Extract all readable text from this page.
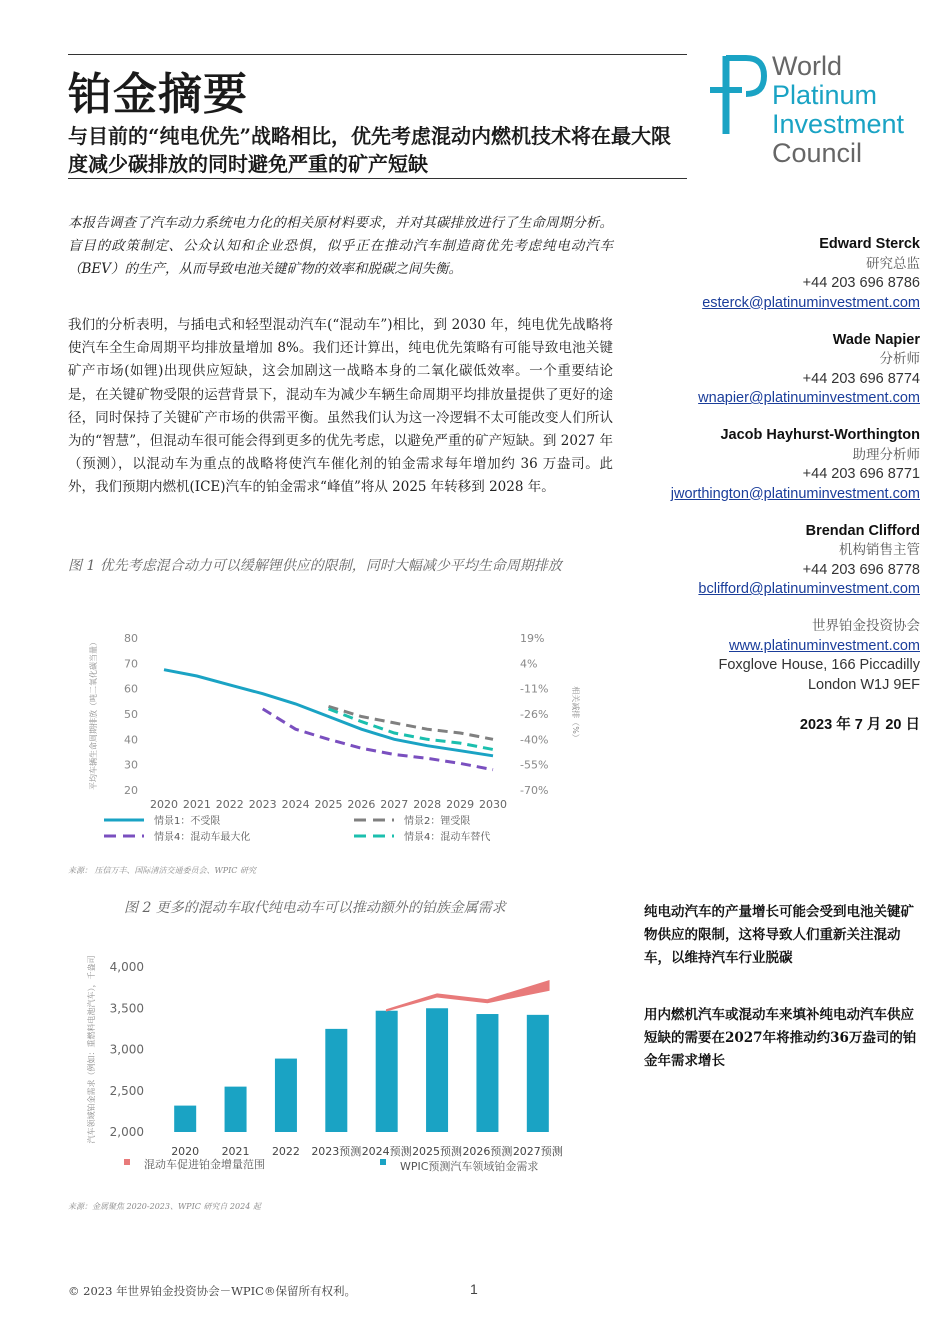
铂金摘要
与目前的“纯电优先”战略相比，优先考虑混动内燃机技术将在最大限度减少碳排放的同时避免严重的矿产短缺
World
Platinum
Investment
Council
本报告调查了汽车动力系统电力化的相关原材料要求，并对其碳排放进行了生命周期分析。盲目的政策制定、公众认知和企业恐惧，似乎正在推动汽车制造商优先考虑纯电动汽车（BEV）的生产，从而导致电池关键矿物的效率和脱碳之间失衡。
我们的分析表明，与插电式和轻型混动汽车(“混动车”)相比，到 2030 年，纯电优先战略将使汽车全生命周期平均排放量增加 8%。我们还计算出，纯电优先策略有可能导致电池关键矿产市场(如锂)出现供应短缺，这会加剧这一战略本身的二氧化碳低效率。一个重要结论是，在关键矿物受限的运营背景下，混动车为减少车辆生命周期平均排放量提供了更好的途径，同时保持了关键矿产市场的供需平衡。虽然我们认为这一冷逻辑不太可能改变人们所认为的“智慧”，但混动车很可能会得到更多的优先考虑，以避免严重的矿产短缺。到 2027 年（预测），以混动车为重点的战略将使汽车催化剂的铂金需求每年增加约 36 万盎司。此外，我们预期内燃机(ICE)汽车的铂金需求“峰值”将从 2025 年转移到 2028 年。
图 1 优先考虑混合动力可以缓解锂供应的限制，同时大幅减少平均生命周期排放
80
70
60
50
40
30
20
19%
4%
-11%
-26%
-40%
-55%
-70%
2020 2021 2022 2023 2024 2025 2026 2027 2028 2029 2030
平均车辆生命周期排放（吨二氧化碳当量）	相关减排（%）
情景1：不受限	情景2：锂受限
情景4：混动车最大化	情景4：混动车替代
来源： 压信万丰、国际清洁交通委员会、WPIC 研究
图 2 更多的混动车取代纯电动车可以推动额外的铂族金属需求
4,000
3,500
3,000
2,500
2,000
汽车领域铂金需求（例如：重燃料电池汽车），千盎司
2020 2021 2022 2023预测 2024预测 2025预测 2026预测 2027预测
混动车促进铂金增量范围	WPIC预测汽车领域铂金需求
来源：金属聚焦 2020-2023、WPIC 研究自 2024 起
Edward Sterck
研究总监
+44 203 696 8786
esterck@platinuminvestment.com
Wade Napier
分析师
+44 203 696 8774
wnapier@platinuminvestment.com
Jacob Hayhurst-Worthington
助理分析师
+44 203 696 8771
jworthington@platinuminvestment.com
Brendan Clifford
机构销售主管
+44 203 696 8778
bclifford@platinuminvestment.com
世界铂金投资协会
www.platinuminvestment.com
Foxglove House, 166 Piccadilly
London W1J 9EF
2023 年 7 月 20 日
纯电动汽车的产量增长可能会受到电池关键矿物供应的限制，这将导致人们重新关注混动车，以维持汽车行业脱碳
用内燃机汽车或混动车来填补纯电动汽车供应短缺的需要在2027年将推动约36万盎司的铂金年需求增长
© 2023 年世界铂金投资协会－WPIC®保留所有权利。	1
